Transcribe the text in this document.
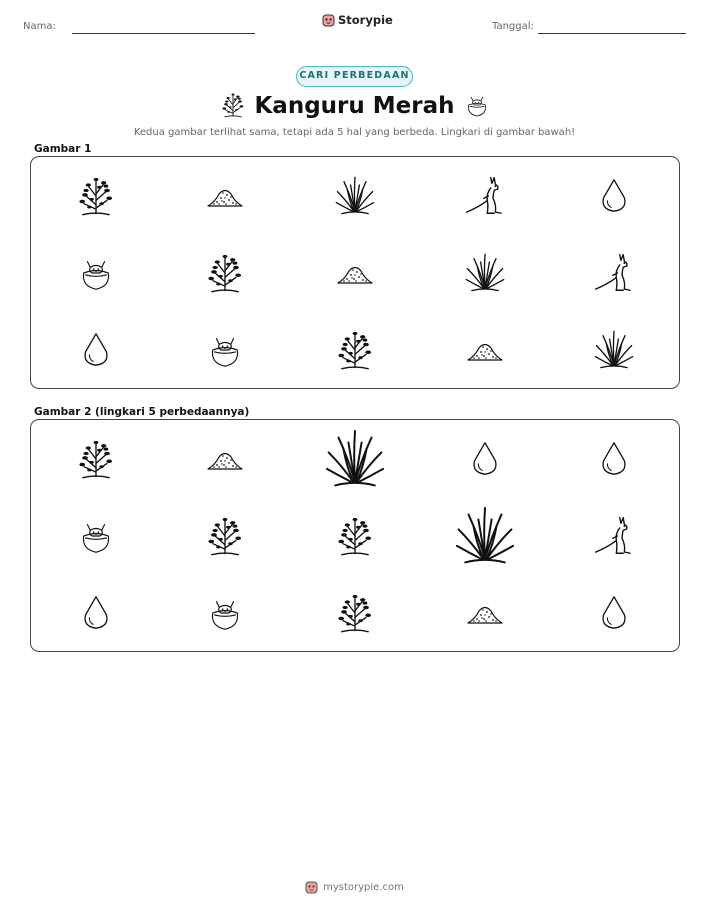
Nama:	Storypie	Tanggal:
CARI PERBEDAAN
Kanguru Merah
Kedua gambar terlihat sama, tetapi ada 5 hal yang berbeda. Lingkari di gambar bawah!
Gambar 1
Gambar 2 (lingkari 5 perbedaannya)
mystorypie.com
